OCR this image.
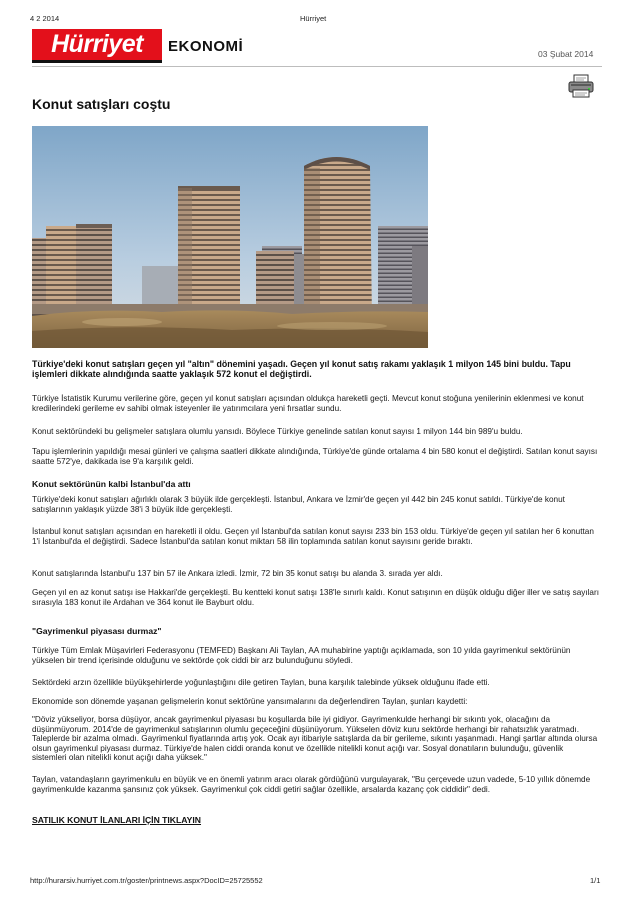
4 2 2014	Hürriyet
Hürriyet EKONOMİ	03 Şubat 2014
Konut satışları coştu
Türkiye'deki konut satışları geçen yıl "altın" dönemini yaşadı. Geçen yıl konut satış rakamı yaklaşık 1 milyon 145 bini buldu. Tapu işlemleri dikkate alındığında saatte yaklaşık 572 konut el değiştirdi.
Türkiye İstatistik Kurumu verilerine göre, geçen yıl konut satışları açısından oldukça hareketli geçti. Mevcut konut stoğuna yenilerinin eklenmesi ve konut kredilerindeki gerileme ev sahibi olmak isteyenler ile yatırımcılara yeni fırsatlar sundu.
Konut sektöründeki bu gelişmeler satışlara olumlu yansıdı. Böylece Türkiye genelinde satılan konut sayısı 1 milyon 144 bin 989'u buldu.
Tapu işlemlerinin yapıldığı mesai günleri ve çalışma saatleri dikkate alındığında, Türkiye'de günde ortalama 4 bin 580 konut el değiştirdi. Satılan konut sayısı saatte 572'ye, dakikada ise 9'a karşılık geldi.
Konut sektörünün kalbi İstanbul'da attı
Türkiye'deki konut satışları ağırlıklı olarak 3 büyük ilde gerçekleşti. İstanbul, Ankara ve İzmir'de geçen yıl 442 bin 245 konut satıldı. Türkiye'de konut satışlarının yaklaşık yüzde 38'i 3 büyük ilde gerçekleşti.
İstanbul konut satışları açısından en hareketli il oldu. Geçen yıl İstanbul'da satılan konut sayısı 233 bin 153 oldu. Türkiye'de geçen yıl satılan her 6 konuttan 1'i İstanbul'da el değiştirdi. Sadece İstanbul'da satılan konut miktarı 58 ilin toplamında satılan konut sayısını geride bıraktı.
Konut satışlarında İstanbul'u 137 bin 57 ile Ankara izledi. İzmir, 72 bin 35 konut satışı bu alanda 3. sırada yer aldı.
Geçen yıl en az konut satışı ise Hakkari'de gerçekleşti. Bu kentteki konut satışı 138'le sınırlı kaldı. Konut satışının en düşük olduğu diğer iller ve satış sayıları sırasıyla 183 konut ile Ardahan ve 364 konut ile Bayburt oldu.
"Gayrimenkul piyasası durmaz"
Türkiye Tüm Emlak Müşavirleri Federasyonu (TEMFED) Başkanı Ali Taylan, AA muhabirine yaptığı açıklamada, son 10 yılda gayrimenkul sektörünün yükselen bir trend içerisinde olduğunu ve sektörde çok ciddi bir arz bulunduğunu söyledi.
Sektördeki arzın özellikle büyükşehirlerde yoğunlaştığını dile getiren Taylan, buna karşılık talebinde yüksek olduğunu ifade etti.
Ekonomide son dönemde yaşanan gelişmelerin konut sektörüne yansımalarını da değerlendiren Taylan, şunları kaydetti:
"Döviz yükseliyor, borsa düşüyor, ancak gayrimenkul piyasası bu koşullarda bile iyi gidiyor. Gayrimenkulde herhangi bir sıkıntı yok, olacağını da düşünmüyorum. 2014'de de gayrimenkul satışlarının olumlu geçeceğini düşünüyorum. Yükselen döviz kuru sektörde herhangi bir rahatsızlık yaratmadı. Taleplerde bir azalma olmadı. Gayrimenkul fiyatlarında artış yok. Ocak ayı itibariyle satışlarda da bir gerileme, sıkıntı yaşanmadı. Hangi şartlar altında olursa olsun gayrimenkul piyasası durmaz. Türkiye'de halen ciddi oranda konut ve özellikle nitelikli konut açığı var. Sosyal donatıların bulunduğu, güvenlik sistemleri olan nitelikli konut açığı daha yüksek."
Taylan, vatandaşların gayrimenkulu en büyük ve en önemli yatırım aracı olarak gördüğünü vurgulayarak, "Bu çerçevede uzun vadede, 5-10 yıllık dönemde gayrimenkulde kazanma şansınız çok yüksek. Gayrimenkul çok ciddi getiri sağlar özellikle, arsalarda kazanç çok ciddidir" dedi.
SATILIK KONUT İLANLARI İÇİN TIKLAYIN
http://hurarsiv.hurriyet.com.tr/goster/printnews.aspx?DocID=25725552	1/1
